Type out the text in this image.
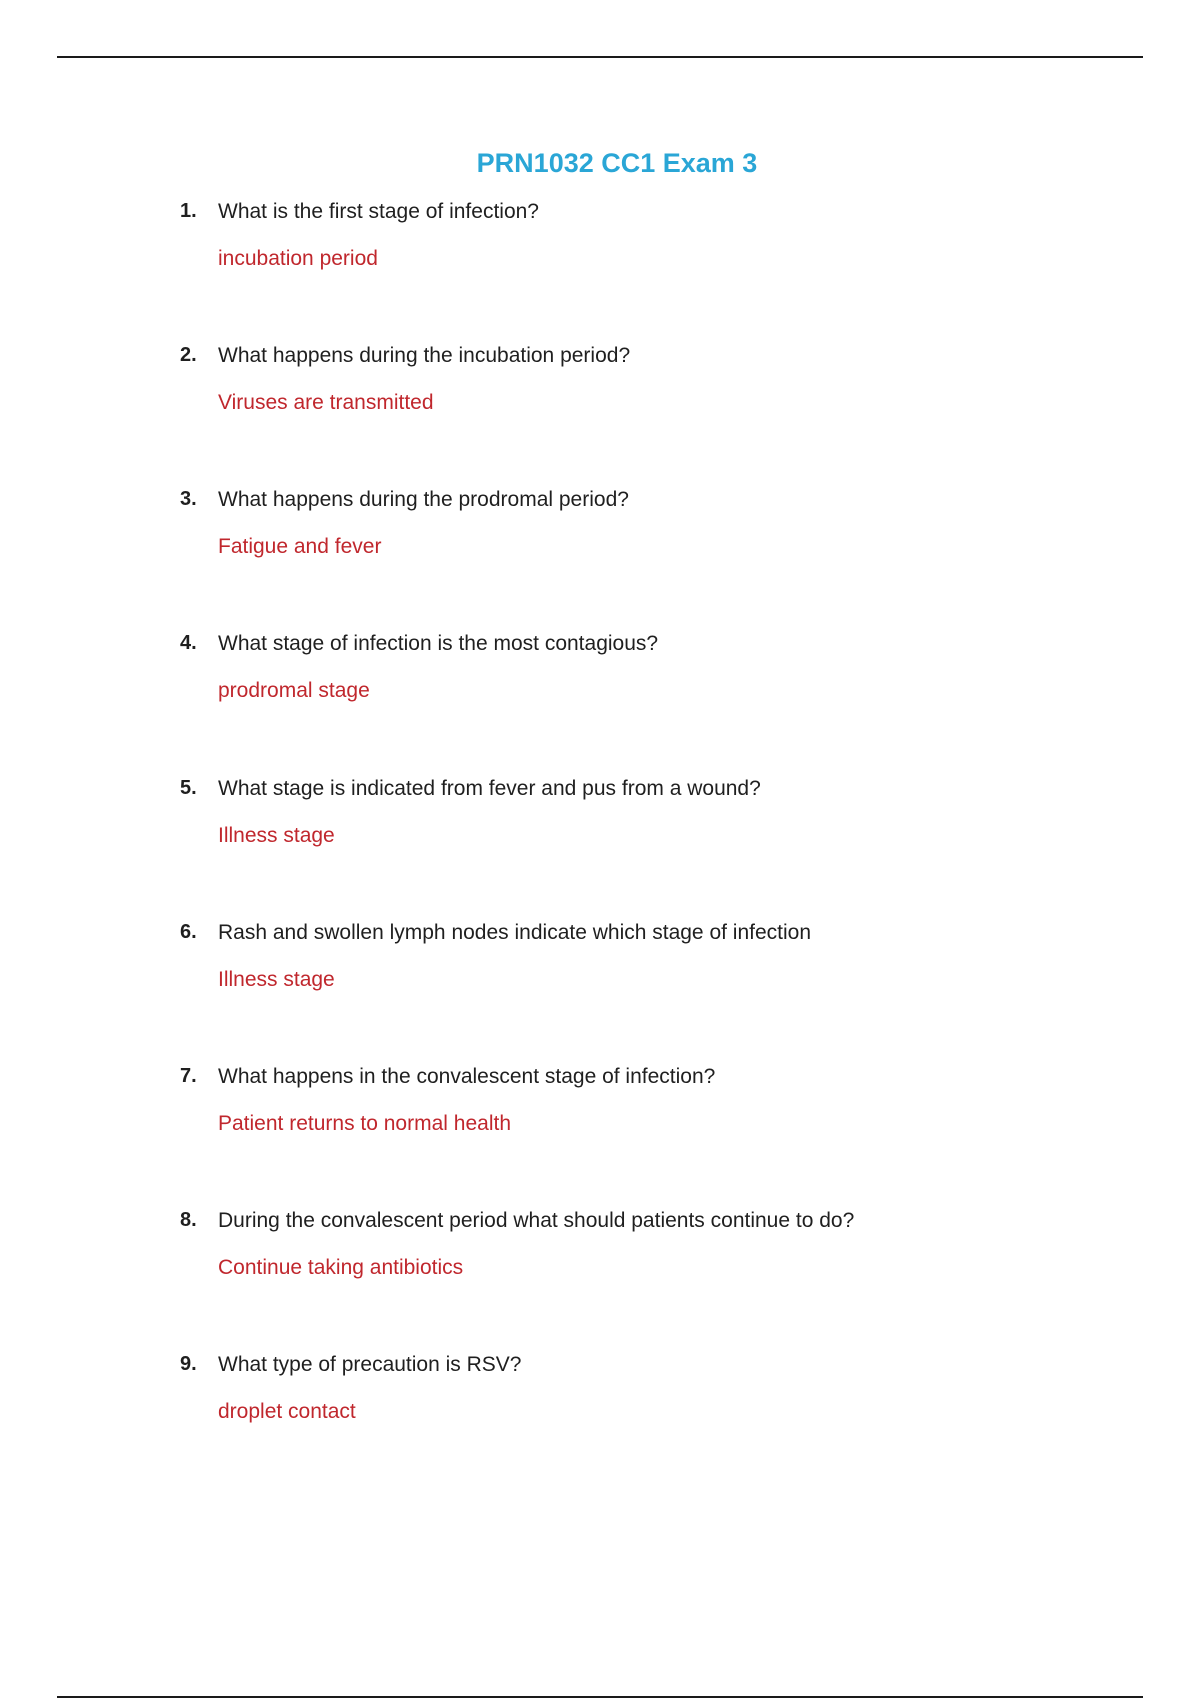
PRN1032 CC1 Exam 3
1. What is the first stage of infection?
incubation period
2. What happens during the incubation period?
Viruses are transmitted
3. What happens during the prodromal period?
Fatigue and fever
4. What stage of infection is the most contagious?
prodromal stage
5. What stage is indicated from fever and pus from a wound?
Illness stage
6. Rash and swollen lymph nodes indicate which stage of infection
Illness stage
7. What happens in the convalescent stage of infection?
Patient returns to normal health
8. During the convalescent period what should patients continue to do?
Continue taking antibiotics
9. What type of precaution is RSV?
droplet contact
